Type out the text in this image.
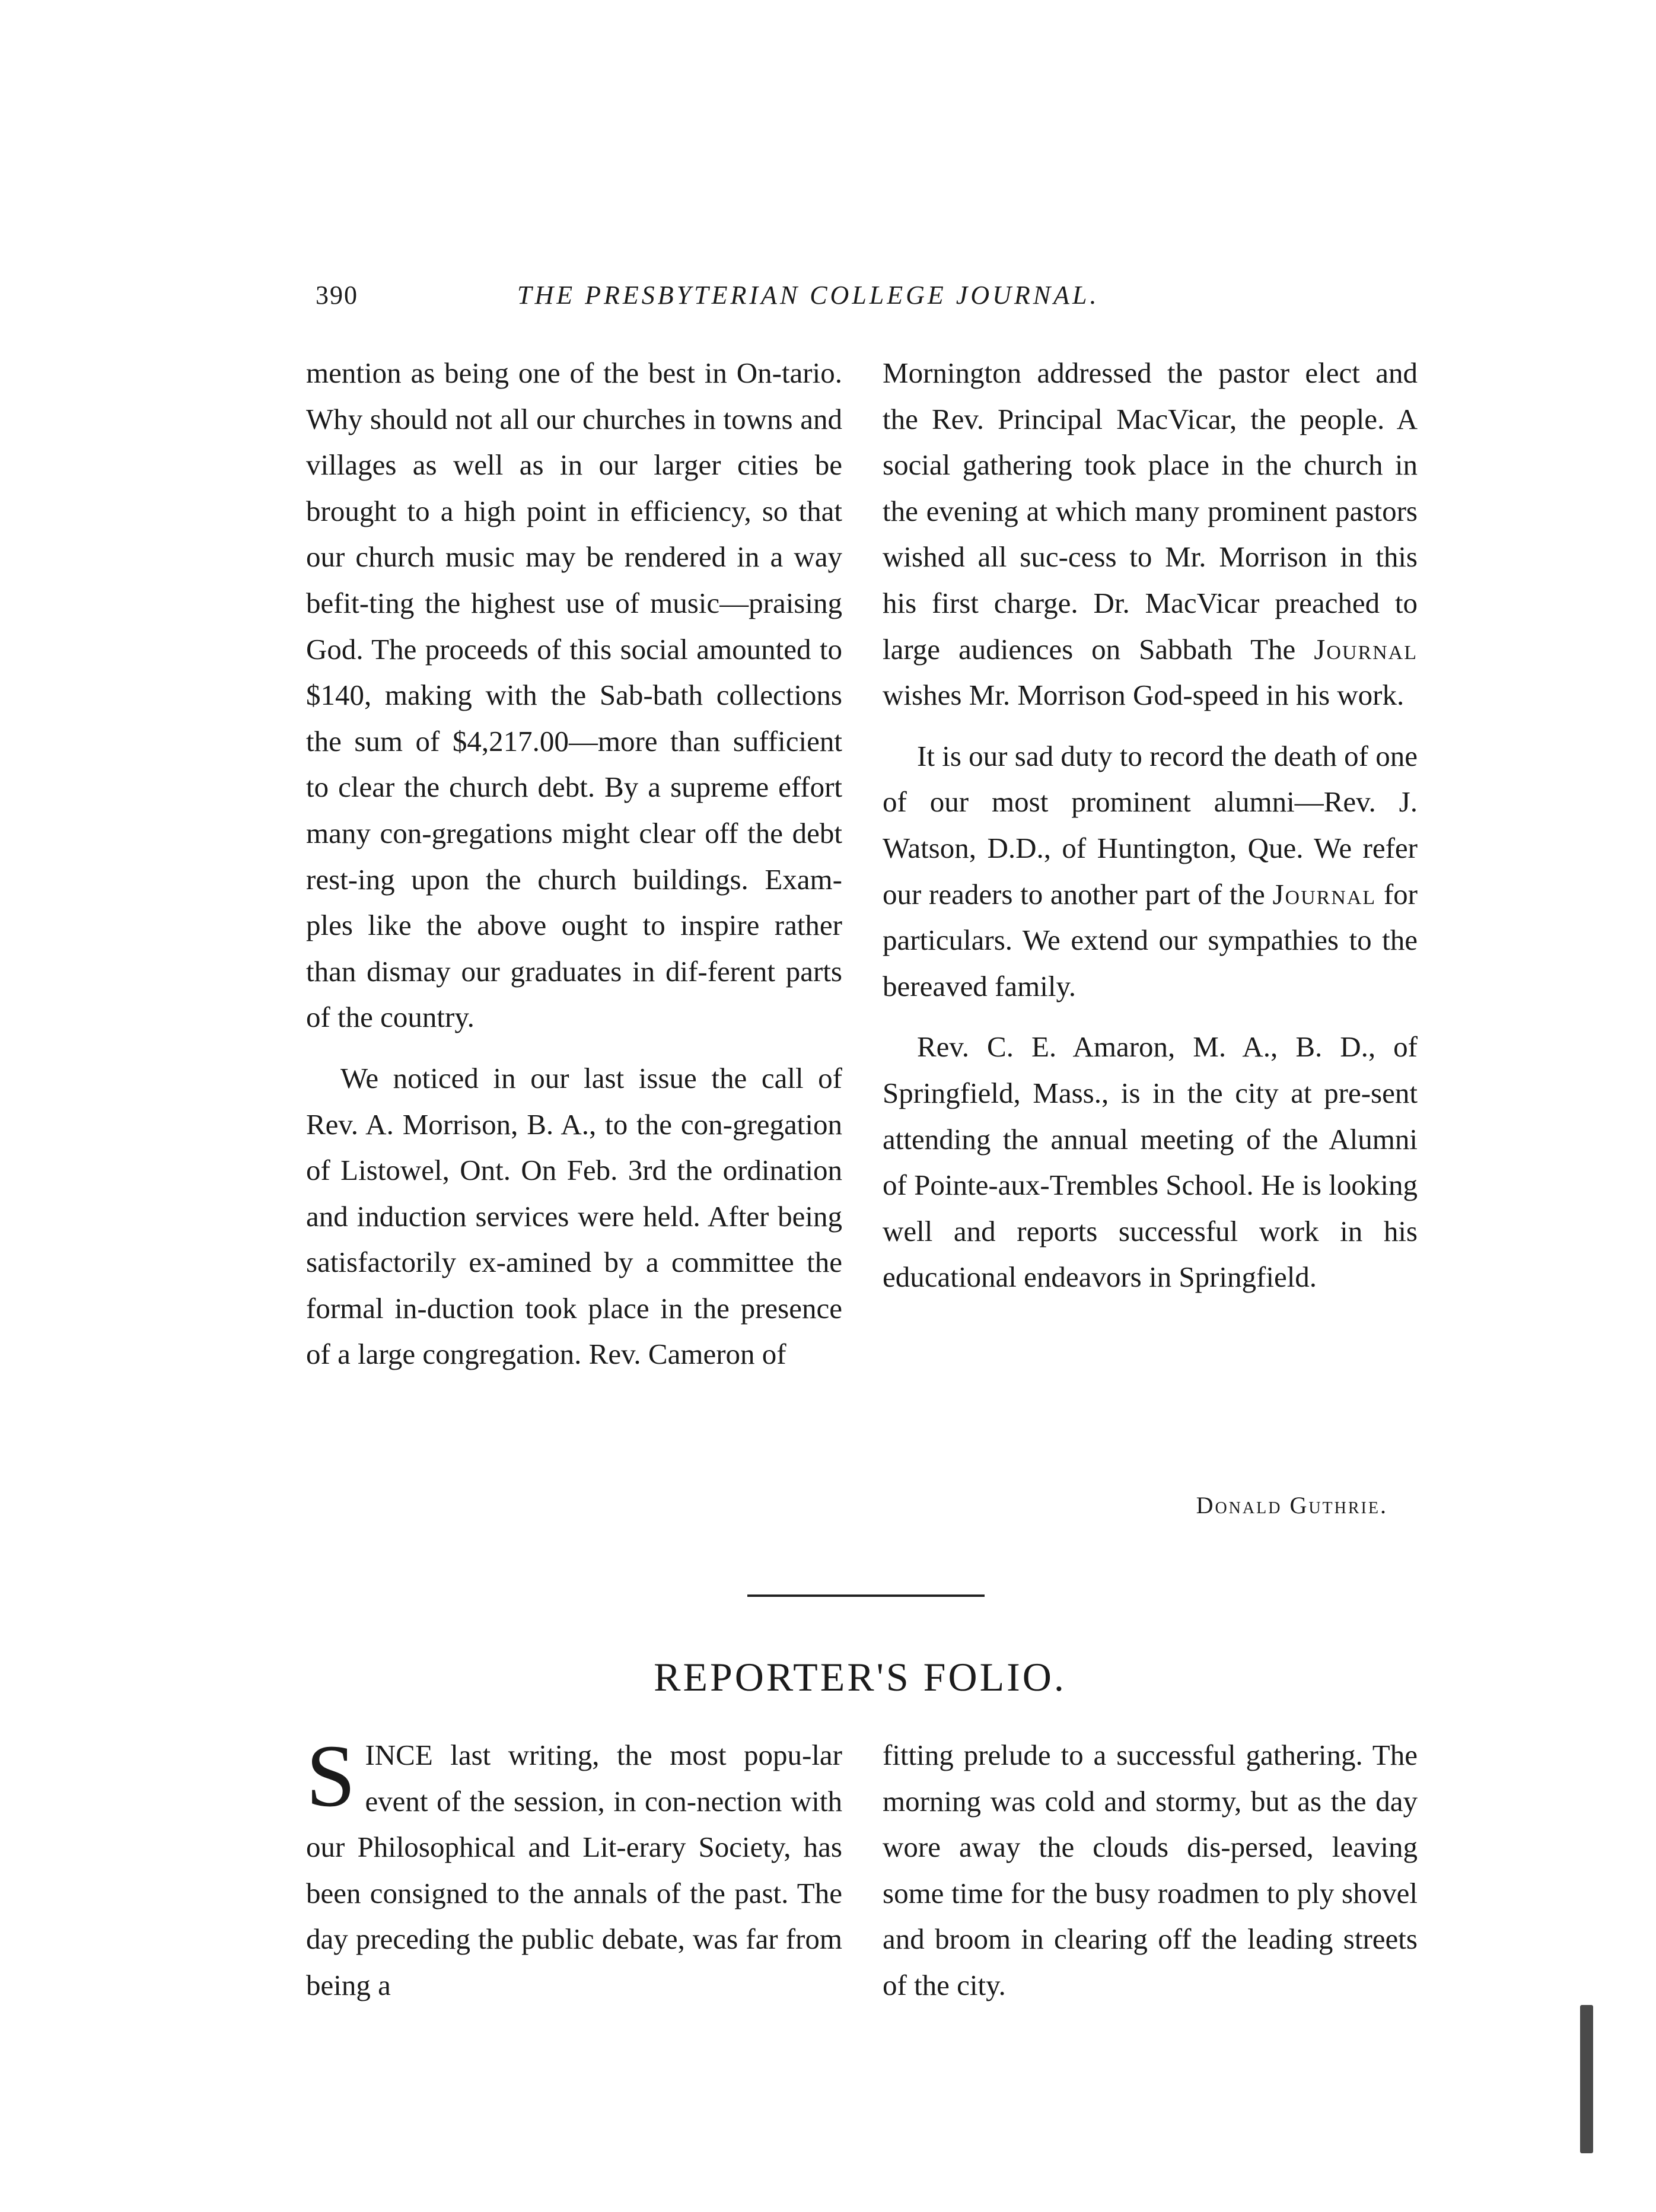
390	THE PRESBYTERIAN COLLEGE JOURNAL.

mention as being one of the best in On-tario. Why should not all our churches in towns and villages as well as in our larger cities be brought to a high point in efficiency, so that our church music may be rendered in a way befit-ting the highest use of music—praising God. The proceeds of this social amounted to $140, making with the Sab-bath collections the sum of $4,217.00—more than sufficient to clear the church debt. By a supreme effort many con-gregations might clear off the debt rest-ing upon the church buildings. Exam-ples like the above ought to inspire rather than dismay our graduates in dif-ferent parts of the country.

We noticed in our last issue the call of Rev. A. Morrison, B. A., to the con-gregation of Listowel, Ont. On Feb. 3rd the ordination and induction services were held. After being satisfactorily ex-amined by a committee the formal in-duction took place in the presence of a large congregation. Rev. Cameron of

Mornington addressed the pastor elect and the Rev. Principal MacVicar, the people. A social gathering took place in the church in the evening at which many prominent pastors wished all suc-cess to Mr. Morrison in this his first charge. Dr. MacVicar preached to large audiences on Sabbath The Journal wishes Mr. Morrison God-speed in his work.

It is our sad duty to record the death of one of our most prominent alumni—Rev. J. Watson, D.D., of Huntington, Que. We refer our readers to another part of the Journal for particulars. We extend our sympathies to the bereaved family.

Rev. C. E. Amaron, M. A., B. D., of Springfield, Mass., is in the city at pre-sent attending the annual meeting of the Alumni of Pointe-aux-Trembles School. He is looking well and reports successful work in his educational endeavors in Springfield.

Donald Guthrie.
REPORTER'S FOLIO.

SINCE last writing, the most popu-lar event of the session, in con-nection with our Philosophical and Lit-erary Society, has been consigned to the annals of the past. The day preceding the public debate, was far from being a

fitting prelude to a successful gathering. The morning was cold and stormy, but as the day wore away the clouds dis-persed, leaving some time for the busy roadmen to ply shovel and broom in clearing off the leading streets of the city.
